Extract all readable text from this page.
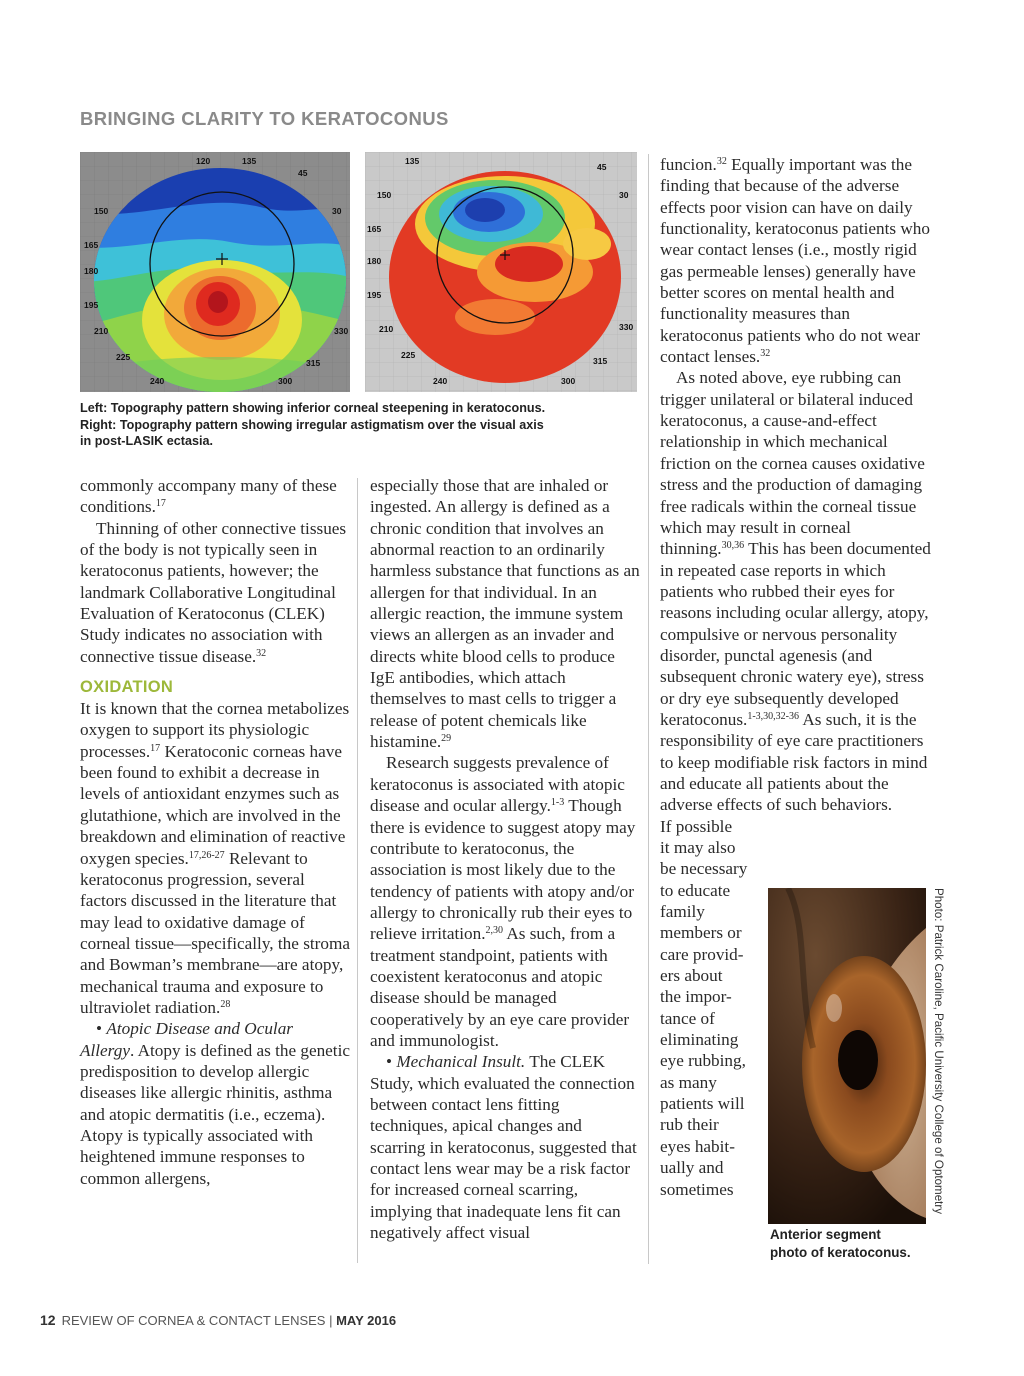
BRINGING CLARITY TO KERATOCONUS
120	135
45
150	30
165
180
195
210	330
225
315
240	300
135
45
150	30
165
180
195
210	330
225
315
240	300
Left: Topography pattern showing inferior corneal steepening in keratoconus.
Right: Topography pattern showing irregular astigmatism over the visual axis
in post-LASIK ectasia.

commonly accompany many of these conditions.$^{17}$

Thinning of other connective tissues of the body is not typically seen in keratoconus patients, however; the landmark Collaborative Longitudinal Evaluation of Keratoconus (CLEK) Study indicates no association with connective tissue disease.$^{32}$

OXIDATION

It is known that the cornea metabolizes oxygen to support its physiologic processes.$^{17}$ Keratoconic corneas have been found to exhibit a decrease in levels of antioxidant enzymes such as glutathione, which are involved in the breakdown and elimination of reactive oxygen species.$^{17,26-27}$ Relevant to keratoconus progression, several factors discussed in the literature that may lead to oxidative damage of corneal tissue—specifically, the stroma and Bowman’s membrane—are atopy, mechanical trauma and exposure to ultraviolet radiation.$^{28}$

• Atopic Disease and Ocular Allergy. Atopy is defined as the genetic predisposition to develop allergic diseases like allergic rhinitis, asthma and atopic dermatitis (i.e., eczema). Atopy is typically associated with heightened immune responses to common allergens,

especially those that are inhaled or ingested. An allergy is defined as a chronic condition that involves an abnormal reaction to an ordinarily harmless substance that functions as an allergen for that individual. In an allergic reaction, the immune system views an allergen as an invader and directs white blood cells to produce IgE antibodies, which attach themselves to mast cells to trigger a release of potent chemicals like histamine.$^{29}$

Research suggests prevalence of keratoconus is associated with atopic disease and ocular allergy.$^{1-3}$ Though there is evidence to suggest atopy may contribute to keratoconus, the association is most likely due to the tendency of patients with atopy and/or allergy to chronically rub their eyes to relieve irritation.$^{2,30}$ As such, from a treatment standpoint, patients with coexistent keratoconus and atopic disease should be managed cooperatively by an eye care provider and immunologist.

• Mechanical Insult. The CLEK Study, which evaluated the connection between contact lens fitting techniques, apical changes and scarring in keratoconus, suggested that contact lens wear may be a risk factor for increased corneal scarring, implying that inadequate lens fit can negatively affect visual

funcion.$^{32}$ Equally important was the finding that because of the adverse effects poor vision can have on daily functionality, keratoconus patients who wear contact lenses (i.e., mostly rigid gas permeable lenses) generally have better scores on mental health and functionality measures than keratoconus patients who do not wear contact lenses.$^{32}$

As noted above, eye rubbing can trigger unilateral or bilateral induced keratoconus, a cause-and-effect relationship in which mechanical friction on the cornea causes oxidative stress and the production of damaging free radicals within the corneal tissue which may result in corneal thinning.$^{30,36}$ This has been documented in repeated case reports in which patients who rubbed their eyes for reasons including ocular allergy, atopy, compulsive or nervous personality disorder, punctal agenesis (and subsequent chronic watery eye), stress or dry eye subsequently developed keratoconus.$^{1-3,30,32-36}$ As such, it is the responsibility of eye care practitioners to keep modifiable risk factors in mind and educate all patients about the adverse effects of such behaviors.

If possible
it may also
be necessary
to educate
family
members or
care provid-
ers about
the impor-
tance of
eliminating
eye rubbing,
as many
patients will
rub their
eyes habit-
ually and
sometimes	Photo: Patrick Caroline, Pacific University College of Optometry
Anterior segment
photo of keratoconus.
12 REVIEW OF CORNEA & CONTACT LENSES | MAY 2016
